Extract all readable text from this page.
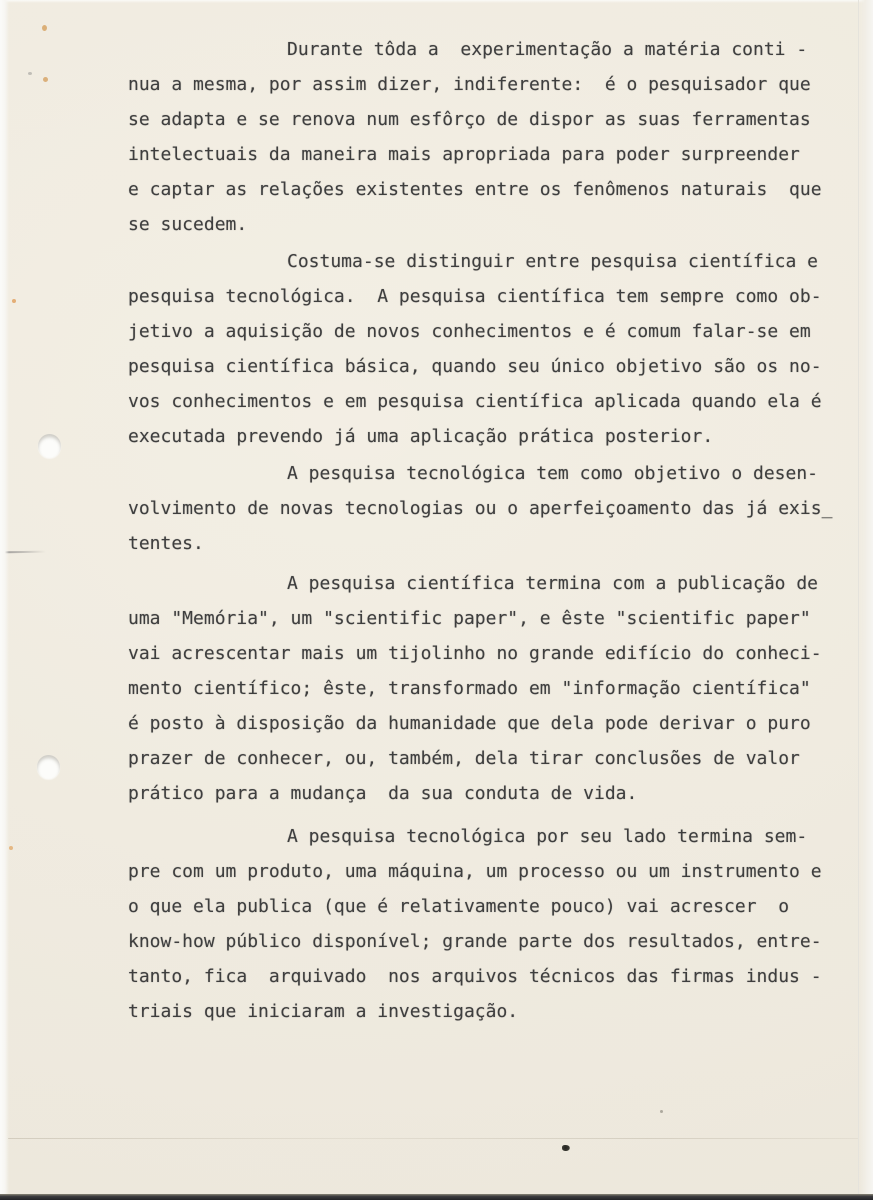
Durante tôda a  experimentação a matéria conti -
nua a mesma, por assim dizer, indiferente:  é o pesquisador que
se adapta e se renova num esfôrço de dispor as suas ferramentas
intelectuais da maneira mais apropriada para poder surpreender
e captar as relações existentes entre os fenômenos naturais  que
se sucedem.
Costuma-se distinguir entre pesquisa científica e
pesquisa tecnológica.  A pesquisa científica tem sempre como ob-
jetivo a aquisição de novos conhecimentos e é comum falar-se em
pesquisa científica básica, quando seu único objetivo são os no-
vos conhecimentos e em pesquisa científica aplicada quando ela é
executada prevendo já uma aplicação prática posterior.
A pesquisa tecnológica tem como objetivo o desen-
volvimento de novas tecnologias ou o aperfeiçoamento das já exis̲
tentes.
A pesquisa científica termina com a publicação de
uma "Memória", um "scientific paper", e êste "scientific paper"
vai acrescentar mais um tijolinho no grande edifício do conheci-
mento científico; êste, transformado em "informação científica"
é posto à disposição da humanidade que dela pode derivar o puro
prazer de conhecer, ou, também, dela tirar conclusões de valor
prático para a mudança  da sua conduta de vida.
A pesquisa tecnológica por seu lado termina sem-
pre com um produto, uma máquina, um processo ou um instrumento e
o que ela publica (que é relativamente pouco) vai acrescer  o
know-how público disponível; grande parte dos resultados, entre-
tanto, fica  arquivado  nos arquivos técnicos das firmas indus -
triais que iniciaram a investigação.
